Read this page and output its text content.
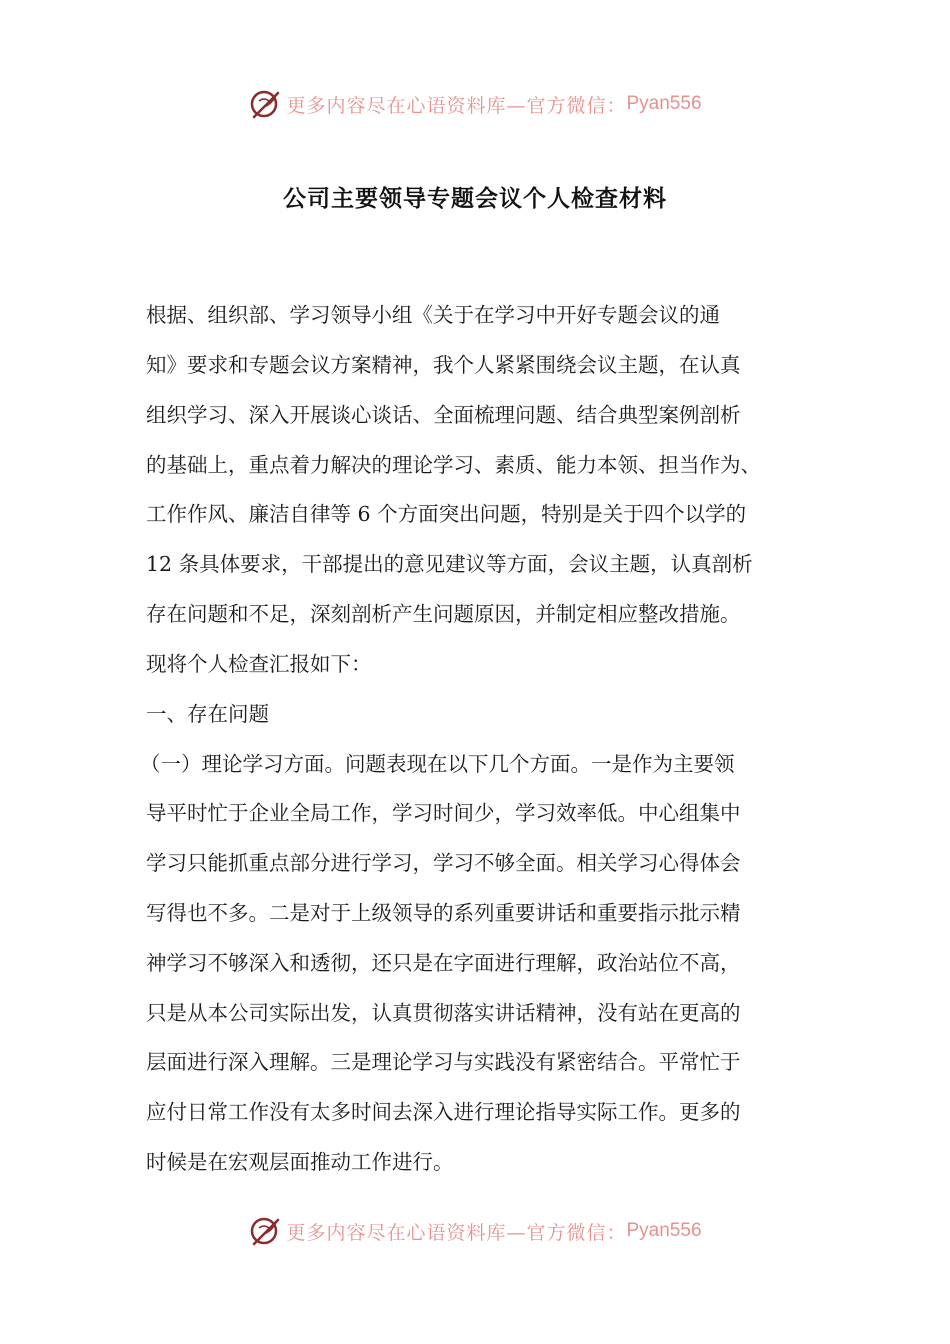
更多内容尽在心语资料库—官方微信： Pyan556
公司主要领导专题会议个人检查材料
根据、组织部、学习领导小组《关于在学习中开好专题会议的通
知》要求和专题会议方案精神，我个人紧紧围绕会议主题，在认真
组织学习、深入开展谈心谈话、全面梳理问题、结合典型案例剖析
的基础上，重点着力解决的理论学习、素质、能力本领、担当作为、
工作作风、廉洁自律等 6 个方面突出问题，特别是关于四个以学的
12 条具体要求，干部提出的意见建议等方面，会议主题，认真剖析
存在问题和不足，深刻剖析产生问题原因，并制定相应整改措施。
现将个人检查汇报如下：
一、存在问题
（一）理论学习方面。问题表现在以下几个方面。一是作为主要领
导平时忙于企业全局工作，学习时间少，学习效率低。中心组集中
学习只能抓重点部分进行学习，学习不够全面。相关学习心得体会
写得也不多。二是对于上级领导的系列重要讲话和重要指示批示精
神学习不够深入和透彻，还只是在字面进行理解，政治站位不高，
只是从本公司实际出发，认真贯彻落实讲话精神，没有站在更高的
层面进行深入理解。三是理论学习与实践没有紧密结合。平常忙于
应付日常工作没有太多时间去深入进行理论指导实际工作。更多的
时候是在宏观层面推动工作进行。
更多内容尽在心语资料库—官方微信： Pyan556
